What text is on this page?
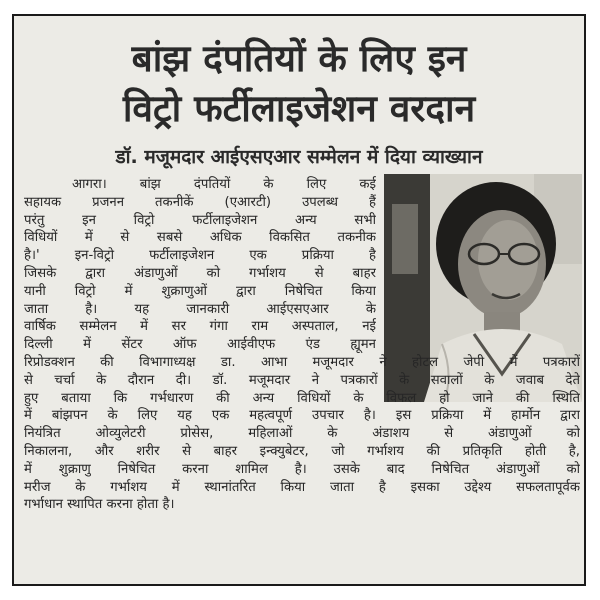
बांझ दंपतियों के लिए इन
विट्रो फर्टीलाइजेशन वरदान
डॉ. मजूमदार आईएसएआर सम्मेलन में दिया व्याख्यान
आगरा। बांझ दंपतियों के लिए कई
सहायक प्रजनन तकनीकें (एआरटी) उपलब्ध हैं
परंतु इन विट्रो फर्टीलाइजेशन अन्य सभी
विधियों में से सबसे अधिक विकसित तकनीक
है।' इन-विट्रो फर्टीलाइजेशन एक प्रक्रिया है
जिसके द्वारा अंडाणुओं को गर्भाशय से बाहर
यानी विट्रो में शुक्राणुओं द्वारा निषेचित किया
जाता है। यह जानकारी आईएसएआर के
वार्षिक सम्मेलन में सर गंगा राम अस्पताल, नई
दिल्ली में सेंटर ऑफ आईवीएफ एंड ह्यूमन
रिप्रोडक्शन की विभागाध्यक्ष डा. आभा मजूमदार ने होटल जेपी में पत्रकारों
से चर्चा के दौरान दी। डॉ. मजूमदार ने पत्रकारों के सवालों के जवाब देते
हुए बताया कि गर्भधारण की अन्य विधियों के विफल हो जाने की स्थिति
में बांझपन के लिए यह एक महत्वपूर्ण उपचार है। इस प्रक्रिया में हार्मोन द्वारा
नियंत्रित ओव्युलेटरी प्रोसेस, महिलाओं के अंडाशय से अंडाणुओं को
निकालना, और शरीर से बाहर इन्क्युबेटर, जो गर्भाशय की प्रतिकृति होती है,
में शुक्राणु निषेचित करना शामिल है। उसके बाद निषेचित अंडाणुओं को
मरीज के गर्भाशय में स्थानांतरित किया जाता है इसका उद्देश्य सफलतापूर्वक
गर्भाधान स्थापित करना होता है।
